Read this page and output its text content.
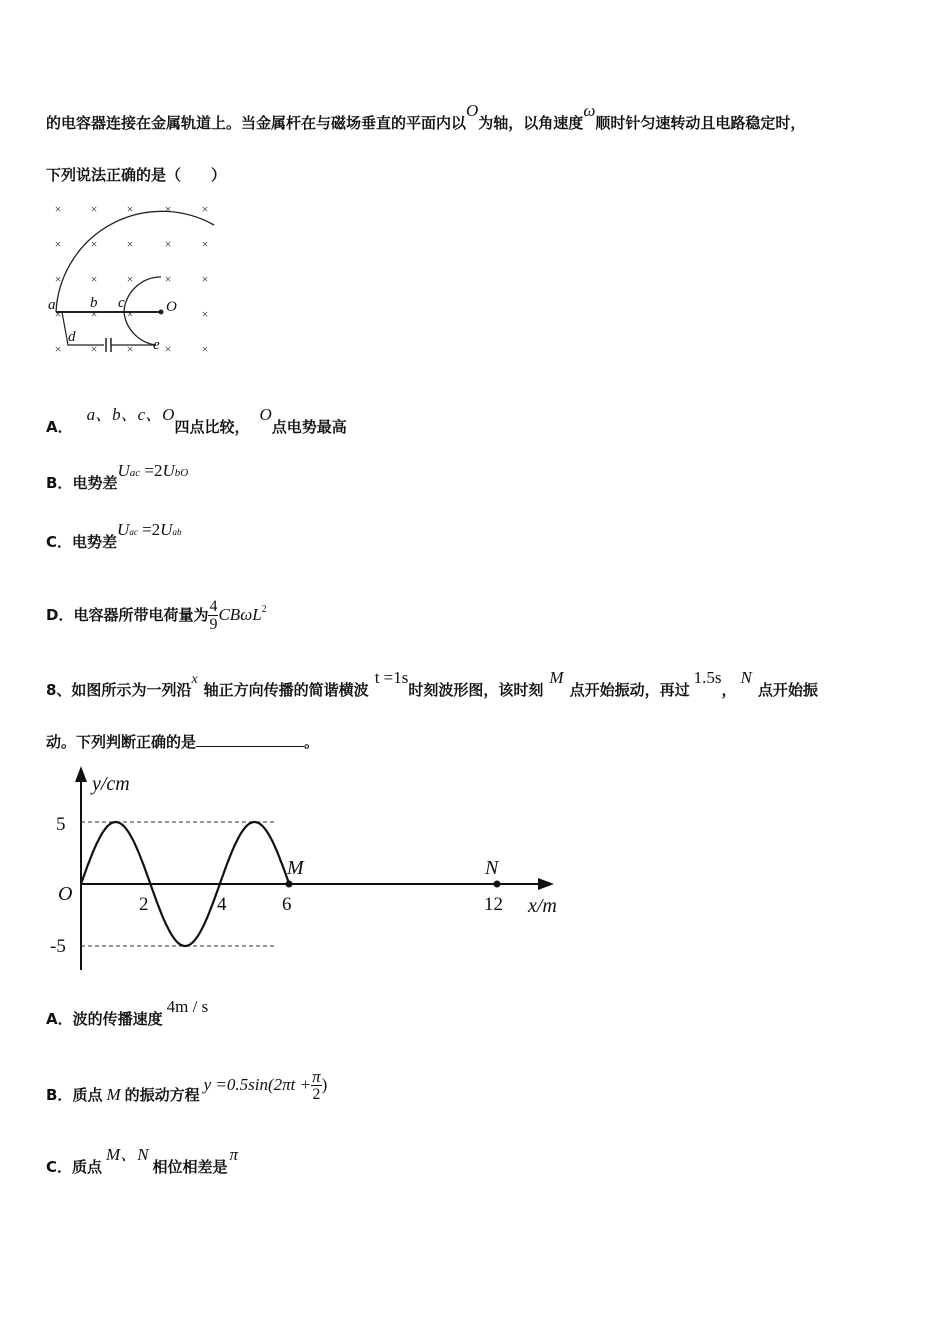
的电容器连接在金属轨道上。当金属杆在与磁场垂直的平面内以O为轴，以角速度ω顺时针匀速转动且电路稳定时，
下列说法正确的是（　　）
× × ×	×	×
× × ×	×	×
× × ×	×	×
× × ×	×
× × ×	×	×
a b c	O
d	e
A．a、b、c、O四点比较，O点电势最高
B．电势差Uac =2UbO
C．电势差Uac =2Uab
D．电容器所带电荷量为 $\frac{4}{9} CB\omega L^2$
8、如图所示为一列沿x轴正方向传播的简谐横波t =1s时刻波形图，该时刻M点开始振动，再过1.5s，N点开始振
动。下列判断正确的是	。
y/cm
x/m
O
5
-5
2	4	6	12
M	N
A．波的传播速度4m / s
B．质点 M 的振动方程$y =0.5\sin(2\pi t + \frac{\pi}{2}$ )
C．质点M、N相位相差是π
